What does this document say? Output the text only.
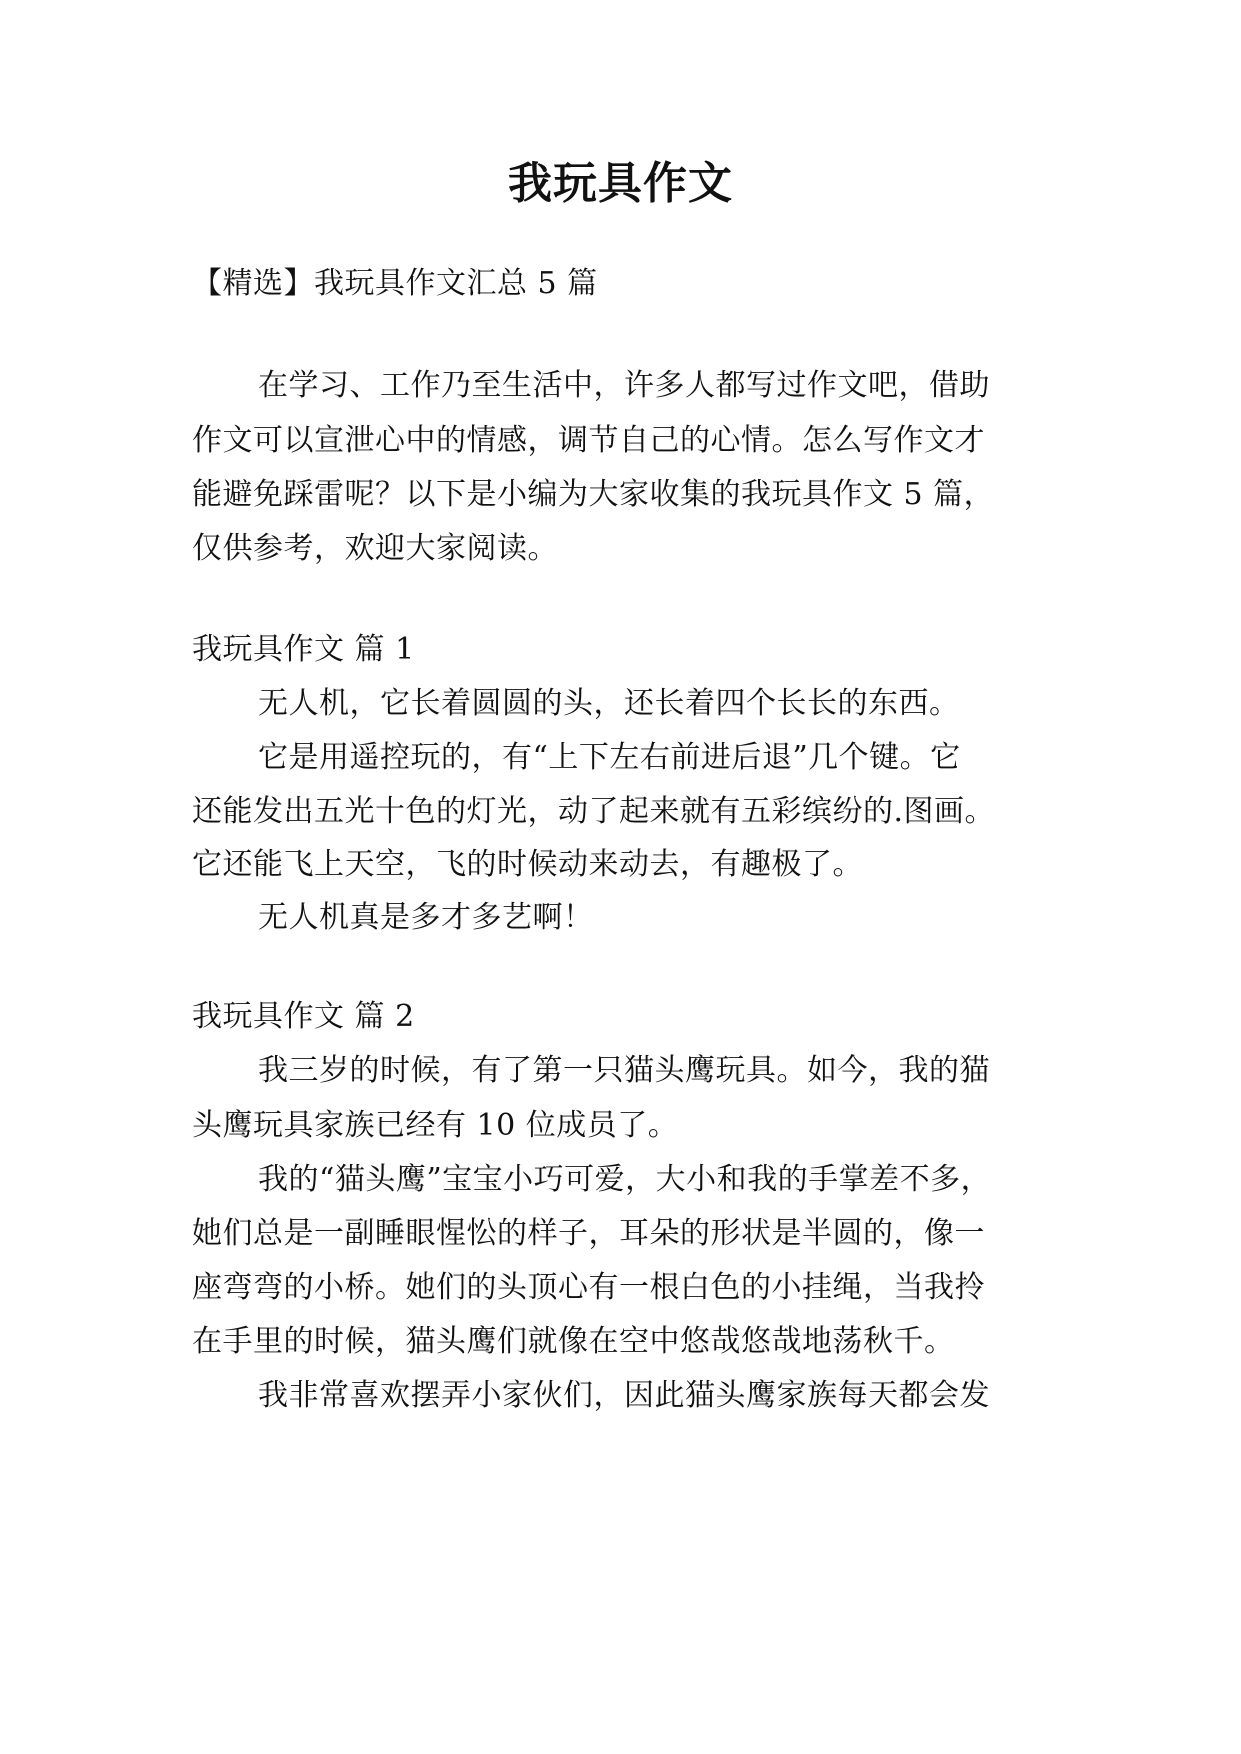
我玩具作文
【精选】我玩具作文汇总 5 篇
在学习、工作乃至生活中，许多人都写过作文吧，借助
作文可以宣泄心中的情感，调节自己的心情。怎么写作文才
能避免踩雷呢？以下是小编为大家收集的我玩具作文 5 篇，
仅供参考，欢迎大家阅读。
我玩具作文 篇 1
无人机，它长着圆圆的头，还长着四个长长的东西。
它是用遥控玩的，有“上下左右前进后退”几个键。它
还能发出五光十色的灯光，动了起来就有五彩缤纷的.图画。
它还能飞上天空，飞的时候动来动去，有趣极了。
无人机真是多才多艺啊！
我玩具作文 篇 2
我三岁的时候，有了第一只猫头鹰玩具。如今，我的猫
头鹰玩具家族已经有 10 位成员了。
我的“猫头鹰”宝宝小巧可爱，大小和我的手掌差不多，
她们总是一副睡眼惺忪的样子，耳朵的形状是半圆的，像一
座弯弯的小桥。她们的头顶心有一根白色的小挂绳，当我拎
在手里的时候，猫头鹰们就像在空中悠哉悠哉地荡秋千。
我非常喜欢摆弄小家伙们，因此猫头鹰家族每天都会发
